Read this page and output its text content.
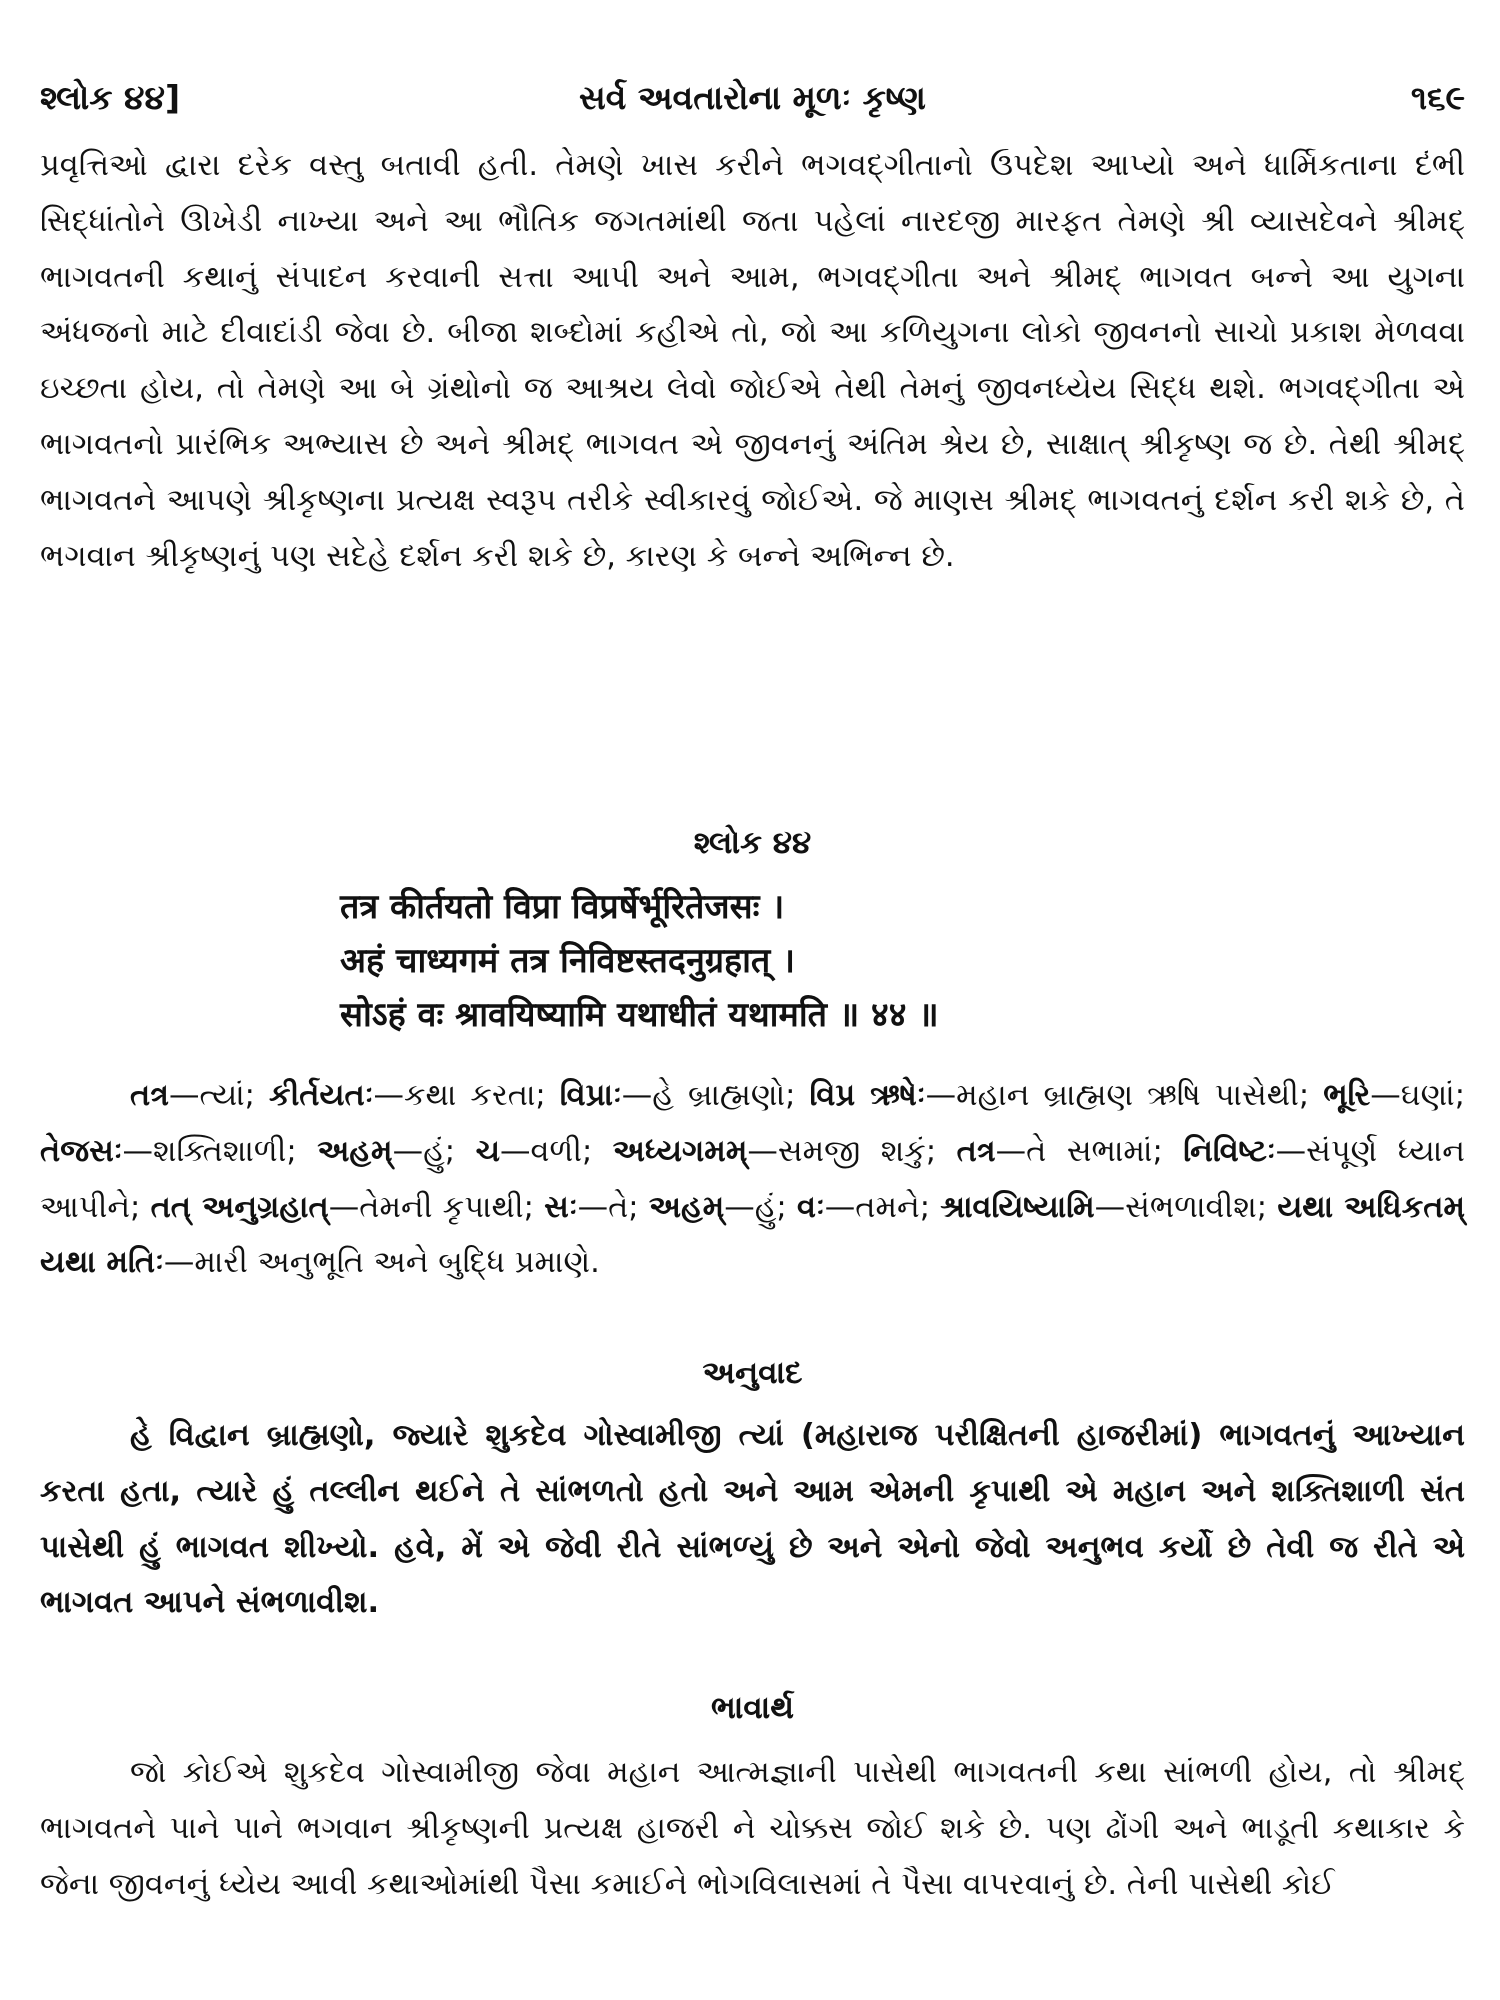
શ્લોક ૪૪]	સર્વ અવતારોના મૂળઃ કૃષ્ણ	૧૬૯
પ્રવૃત્તિઓ દ્વારા દરેક વસ્તુ બતાવી હતી. તેમણે ખાસ કરીને ભગવદ્ગીતાનો ઉપદેશ આપ્યો અને ધાર્મિકતાના દંભી સિદ્ધાંતોને ઊખેડી નાખ્યા અને આ ભૌતિક જગતમાંથી જતા પહેલાં નારદજી મારફત તેમણે શ્રી વ્યાસદેવને શ્રીમદ્ ભાગવતની કથાનું સંપાદન કરવાની સત્તા આપી અને આમ, ભગવદ્ગીતા અને શ્રીમદ્ ભાગવત બન્ને આ યુગના અંધજનો માટે દીવાદાંડી જેવા છે. બીજા શબ્દોમાં કહીએ તો, જો આ કળિયુગના લોકો જીવનનો સાચો પ્રકાશ મેળવવા ઇચ્છતા હોય, તો તેમણે આ બે ગ્રંથોનો જ આશ્રય લેવો જોઈએ તેથી તેમનું જીવનધ્યેય સિદ્ધ થશે. ભગવદ્ગીતા એ ભાગવતનો પ્રારંભિક અભ્યાસ છે અને શ્રીમદ્ ભાગવત એ જીવનનું અંતિમ શ્રેય છે, સાક્ષાત્ શ્રીકૃષ્ણ જ છે. તેથી શ્રીમદ્ ભાગવતને આપણે શ્રીકૃષ્ણના પ્રત્યક્ષ સ્વરૂપ તરીકે સ્વીકારવું જોઈએ. જે માણસ શ્રીમદ્ ભાગવતનું દર્શન કરી શકે છે, તે ભગવાન શ્રીકૃષ્ણનું પણ સદેહે દર્શન કરી શકે છે, કારણ કે બન્ને અભિન્ન છે.
શ્લોક ૪૪
तत्र कीर्तयतो विप्रा विप्रर्षेर्भूरितेजसः ।
अहं चाध्यगमं तत्र निविष्टस्तदनुग्रहात् ।
सोऽहं वः श्रावयिष्यामि यथाधीतं यथामति ॥ ४४ ॥
તત્ર—ત્યાં; કીર્તયતઃ—કથા કરતા; વિપ્રાઃ—હે બ્રાહ્મણો; વિપ્ર ઋષેઃ—મહાન બ્રાહ્મણ ઋષિ પાસેથી; ભૂરિ—ઘણાં; તેજસઃ—શક્તિશાળી; અહમ્—હું; ચ—વળી; અધ્યગમમ્—સમજી શકું; તત્ર—તે સભામાં; નિવિષ્ટઃ—સંપૂર્ણ ધ્યાન આપીને; તત્ અનુગ્રહાત્—તેમની કૃપાથી; સઃ—તે; અહમ્—હું; વઃ—તમને; શ્રાવયિષ્યામિ—સંભળાવીશ; યથા અધિકતમ્ યથા મતિઃ—મારી અનુભૂતિ અને બુદ્ધિ પ્રમાણે.
અનુવાદ
હે વિદ્વાન બ્રાહ્મણો, જ્યારે શુકદેવ ગોસ્વામીજી ત્યાં (મહારાજ પરીક્ષિતની હાજરીમાં) ભાગવતનું આખ્યાન કરતા હતા, ત્યારે હું તલ્લીન થઈને તે સાંભળતો હતો અને આમ એમની કૃપાથી એ મહાન અને શક્તિશાળી સંત પાસેથી હું ભાગવત શીખ્યો. હવે, મેં એ જેવી રીતે સાંભળ્યું છે અને એનો જેવો અનુભવ કર્યો છે તેવી જ રીતે એ ભાગવત આપને સંભળાવીશ.
ભાવાર્થ
જો કોઈએ શુકદેવ ગોસ્વામીજી જેવા મહાન આત્મજ્ઞાની પાસેથી ભાગવતની કથા સાંભળી હોય, તો શ્રીમદ્ ભાગવતને પાને પાને ભગવાન શ્રીકૃષ્ણની પ્રત્યક્ષ હાજરી ને ચોક્કસ જોઈ શકે છે. પણ ઢોંગી અને ભાડૂતી કથાકાર કે જેના જીવનનું ધ્યેય આવી કથાઓમાંથી પૈસા કમાઈને ભોગવિલાસમાં તે પૈસા વાપરવાનું છે. તેની પાસેથી કોઈ
